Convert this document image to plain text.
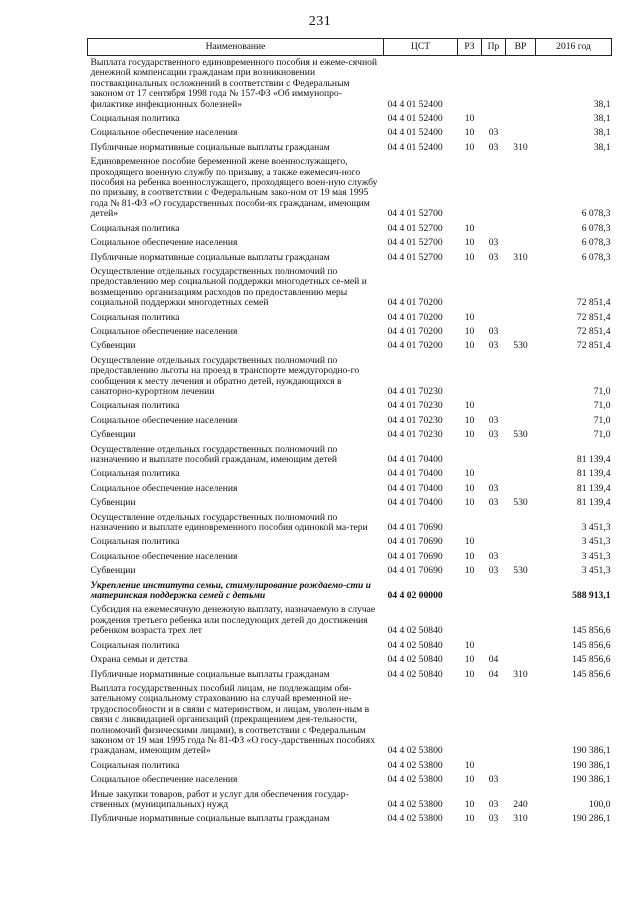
231
Наименование	ЦСТ	РЗ	Пр	ВР	2016 год
Выплата государственного единовременного пособия и ежеме-сячной денежной компенсации гражданам при возникновении поствакцинальных осложнений в соответствии с Федеральным законом от 17 сентября 1998 года № 157-ФЗ «Об иммунопро-филактике инфекционных болезней»	04 4 01 52400				38,1
Социальная политика	04 4 01 52400	10			38,1
Социальное обеспечение населения	04 4 01 52400	10	03		38,1
Публичные нормативные социальные выплаты гражданам	04 4 01 52400	10	03	310	38,1
Единовременное пособие беременной жене военнослужащего, проходящего военную службу по призыву, а также ежемесяч-ного пособия на ребенка военнослужащего, проходящего воен-ную службу по призыву, в соответствии с Федеральным зако-ном от 19 мая 1995 года № 81-ФЗ «О государственных пособи-ях гражданам, имеющим детей»	04 4 01 52700				6 078,3
Социальная политика	04 4 01 52700	10			6 078,3
Социальное обеспечение населения	04 4 01 52700	10	03		6 078,3
Публичные нормативные социальные выплаты гражданам	04 4 01 52700	10	03	310	6 078,3
Осуществление отдельных государственных полномочий по предоставлению мер социальной поддержки многодетных се-мей и возмещению организациям расходов по предоставлению меры социальной поддержки многодетных семей	04 4 01 70200				72 851,4
Социальная политика	04 4 01 70200	10			72 851,4
Социальное обеспечение населения	04 4 01 70200	10	03		72 851,4
Субвенции	04 4 01 70200	10	03	530	72 851,4
Осуществление отдельных государственных полномочий по предоставлению льготы на проезд в транспорте междугородно-го сообщения к месту лечения и обратно детей, нуждающихся в санаторно-курортном лечении	04 4 01 70230				71,0
Социальная политика	04 4 01 70230	10			71,0
Социальное обеспечение населения	04 4 01 70230	10	03		71,0
Субвенции	04 4 01 70230	10	03	530	71,0
Осуществление отдельных государственных полномочий по назначению и выплате пособий гражданам, имеющим детей	04 4 01 70400				81 139,4
Социальная политика	04 4 01 70400	10			81 139,4
Социальное обеспечение населения	04 4 01 70400	10	03		81 139,4
Субвенции	04 4 01 70400	10	03	530	81 139,4
Осуществление отдельных государственных полномочий по назначению и выплате единовременного пособия одинокой ма-тери	04 4 01 70690				3 451,3
Социальная политика	04 4 01 70690	10			3 451,3
Социальное обеспечение населения	04 4 01 70690	10	03		3 451,3
Субвенции	04 4 01 70690	10	03	530	3 451,3
Укрепление института семьи, стимулирование рождаемо-сти и материнская поддержка семей с детьми	04 4 02 00000				588 913,1
Субсидия на ежемесячную денежную выплату, назначаемую в случае рождения третьего ребенка или последующих детей до достижения ребенком возраста трех лет	04 4 02 50840				145 856,6
Социальная политика	04 4 02 50840	10			145 856,6
Охрана семьи и детства	04 4 02 50840	10	04		145 856,6
Публичные нормативные социальные выплаты гражданам	04 4 02 50840	10	04	310	145 856,6
Выплата государственных пособий лицам, не подлежащим обя-зательному социальному страхованию на случай временной не-трудоспособности и в связи с материнством, и лицам, уволен-ным в связи с ликвидацией организаций (прекращением дея-тельности, полномочий физическими лицами), в соответствии с Федеральным законом от 19 мая 1995 года № 81-ФЗ «О госу-дарственных пособиях гражданам, имеющим детей»	04 4 02 53800				190 386,1
Социальная политика	04 4 02 53800	10			190 386,1
Социальное обеспечение населения	04 4 02 53800	10	03		190 386,1
Иные закупки товаров, работ и услуг для обеспечения государ-ственных (муниципальных) нужд	04 4 02 53800	10	03	240	100,0
Публичные нормативные социальные выплаты гражданам	04 4 02 53800	10	03	310	190 286,1
